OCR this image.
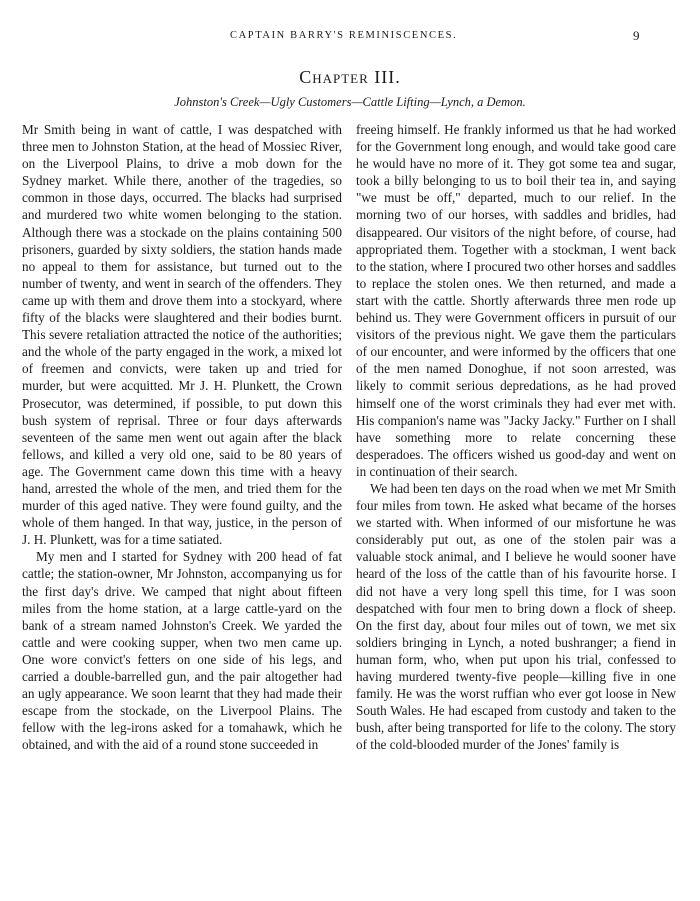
CAPTAIN BARRY'S REMINISCENCES.	9
Chapter III.
Johnston's Creek—Ugly Customers—Cattle Lifting—Lynch, a Demon.

Mr Smith being in want of cattle, I was despatched with three men to Johnston Station, at the head of Mossiec River, on the Liverpool Plains, to drive a mob down for the Sydney market. While there, another of the tragedies, so common in those days, occurred. The blacks had surprised and murdered two white women belonging to the station. Although there was a stockade on the plains containing 500 prisoners, guarded by sixty soldiers, the station hands made no appeal to them for assistance, but turned out to the number of twenty, and went in search of the offenders. They came up with them and drove them into a stockyard, where fifty of the blacks were slaughtered and their bodies burnt. This severe retaliation attracted the notice of the authorities; and the whole of the party engaged in the work, a mixed lot of freemen and convicts, were taken up and tried for murder, but were acquitted. Mr J. H. Plunkett, the Crown Prosecutor, was determined, if possible, to put down this bush system of reprisal. Three or four days afterwards seventeen of the same men went out again after the black fellows, and killed a very old one, said to be 80 years of age. The Government came down this time with a heavy hand, arrested the whole of the men, and tried them for the murder of this aged native. They were found guilty, and the whole of them hanged. In that way, justice, in the person of J. H. Plunkett, was for a time satiated.

My men and I started for Sydney with 200 head of fat cattle; the station-owner, Mr Johnston, accompanying us for the first day's drive. We camped that night about fifteen miles from the home station, at a large cattle-yard on the bank of a stream named Johnston's Creek. We yarded the cattle and were cooking supper, when two men came up. One wore convict's fetters on one side of his legs, and carried a double-barrelled gun, and the pair altogether had an ugly appearance. We soon learnt that they had made their escape from the stockade, on the Liverpool Plains. The fellow with the leg-irons asked for a tomahawk, which he obtained, and with the aid of a round stone succeeded in

freeing himself. He frankly informed us that he had worked for the Government long enough, and would take good care he would have no more of it. They got some tea and sugar, took a billy belonging to us to boil their tea in, and saying "we must be off," departed, much to our relief. In the morning two of our horses, with saddles and bridles, had disappeared. Our visitors of the night before, of course, had appropriated them. Together with a stockman, I went back to the station, where I procured two other horses and saddles to replace the stolen ones. We then returned, and made a start with the cattle. Shortly afterwards three men rode up behind us. They were Government officers in pursuit of our visitors of the previous night. We gave them the particulars of our encounter, and were informed by the officers that one of the men named Donoghue, if not soon arrested, was likely to commit serious depredations, as he had proved himself one of the worst criminals they had ever met with. His companion's name was "Jacky Jacky." Further on I shall have something more to relate concerning these desperadoes. The officers wished us good-day and went on in continuation of their search.

We had been ten days on the road when we met Mr Smith four miles from town. He asked what became of the horses we started with. When informed of our misfortune he was considerably put out, as one of the stolen pair was a valuable stock animal, and I believe he would sooner have heard of the loss of the cattle than of his favourite horse. I did not have a very long spell this time, for I was soon despatched with four men to bring down a flock of sheep. On the first day, about four miles out of town, we met six soldiers bringing in Lynch, a noted bushranger; a fiend in human form, who, when put upon his trial, confessed to having murdered twenty-five people—killing five in one family. He was the worst ruffian who ever got loose in New South Wales. He had escaped from custody and taken to the bush, after being transported for life to the colony. The story of the cold-blooded murder of the Jones' family is
